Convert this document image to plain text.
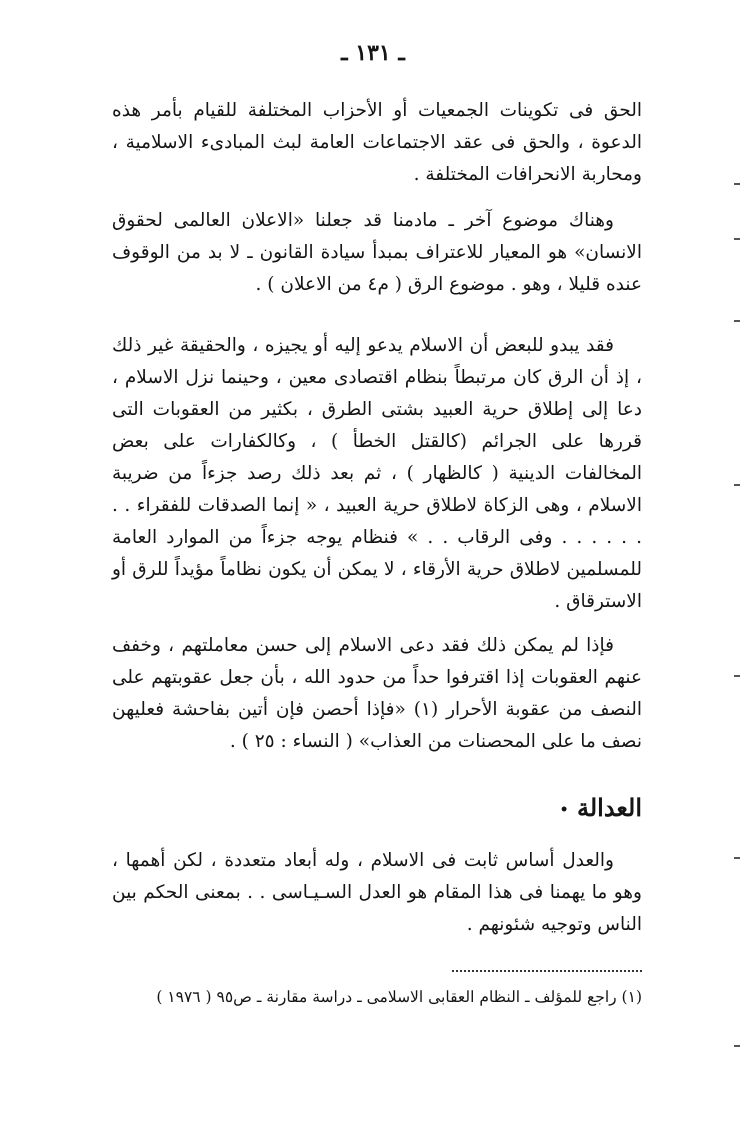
ـ ١٣١ ـ

الحق فى تكوينات الجمعيات أو الأحزاب المختلفة للقيام بأمر هذه الدعوة ، والحق فى عقد الاجتماعات العامة لبث المبادىء الاسلامية ، ومحاربة الانحرافات المختلفة .

وهناك موضوع آخر ـ مادمنا قد جعلنا «الاعلان العالمى لحقوق الانسان» هو المعيار للاعتراف بمبدأ سيادة القانون ـ لا بد من الوقوف عنده قليلا ، وهو . موضوع الرق ( م٤ من الاعلان ) .

فقد يبدو للبعض أن الاسلام يدعو إليه أو يجيزه ، والحقيقة غير ذلك ، إذ أن الرق كان مرتبطاً بنظام اقتصادى معين ، وحينما نزل الاسلام ، دعا إلى إطلاق حرية العبيد بشتى الطرق ، بكثير من العقوبات التى قررها على الجرائم (كالقتل الخطأ ) ، وكالكفارات على بعض المخالفات الدينية ( كالظهار ) ، ثم بعد ذلك رصد جزءاً من ضريبة الاسلام ، وهى الزكاة لاطلاق حرية العبيد ، « إنما الصدقات للفقراء . . . . . . . . وفى الرقاب . . » فنظام يوجه جزءاً من الموارد العامة للمسلمين لاطلاق حرية الأرقاء ، لا يمكن أن يكون نظاماً مؤيداً للرق أو الاسترقاق .

فإذا لم يمكن ذلك فقد دعى الاسلام إلى حسن معاملتهم ، وخفف عنهم العقوبات إذا اقترفوا حداً من حدود الله ، بأن جعل عقوبتهم على النصف من عقوبة الأحرار (١) «فإذا أحصن فإن أتين بفاحشة فعليهن نصف ما على المحصنات من العذاب» ( النساء : ٢٥ ) .

العدالة •

والعدل أساس ثابت فى الاسلام ، وله أبعاد متعددة ، لكن أهمها ، وهو ما يهمنا فى هذا المقام هو العدل السـيـاسى . . بمعنى الحكم بين الناس وتوجيه شئونهم .

(١) راجع للمؤلف ـ النظام العقابى الاسلامى ـ دراسة مقارنة ـ ص٩٥ ( ١٩٧٦ )
